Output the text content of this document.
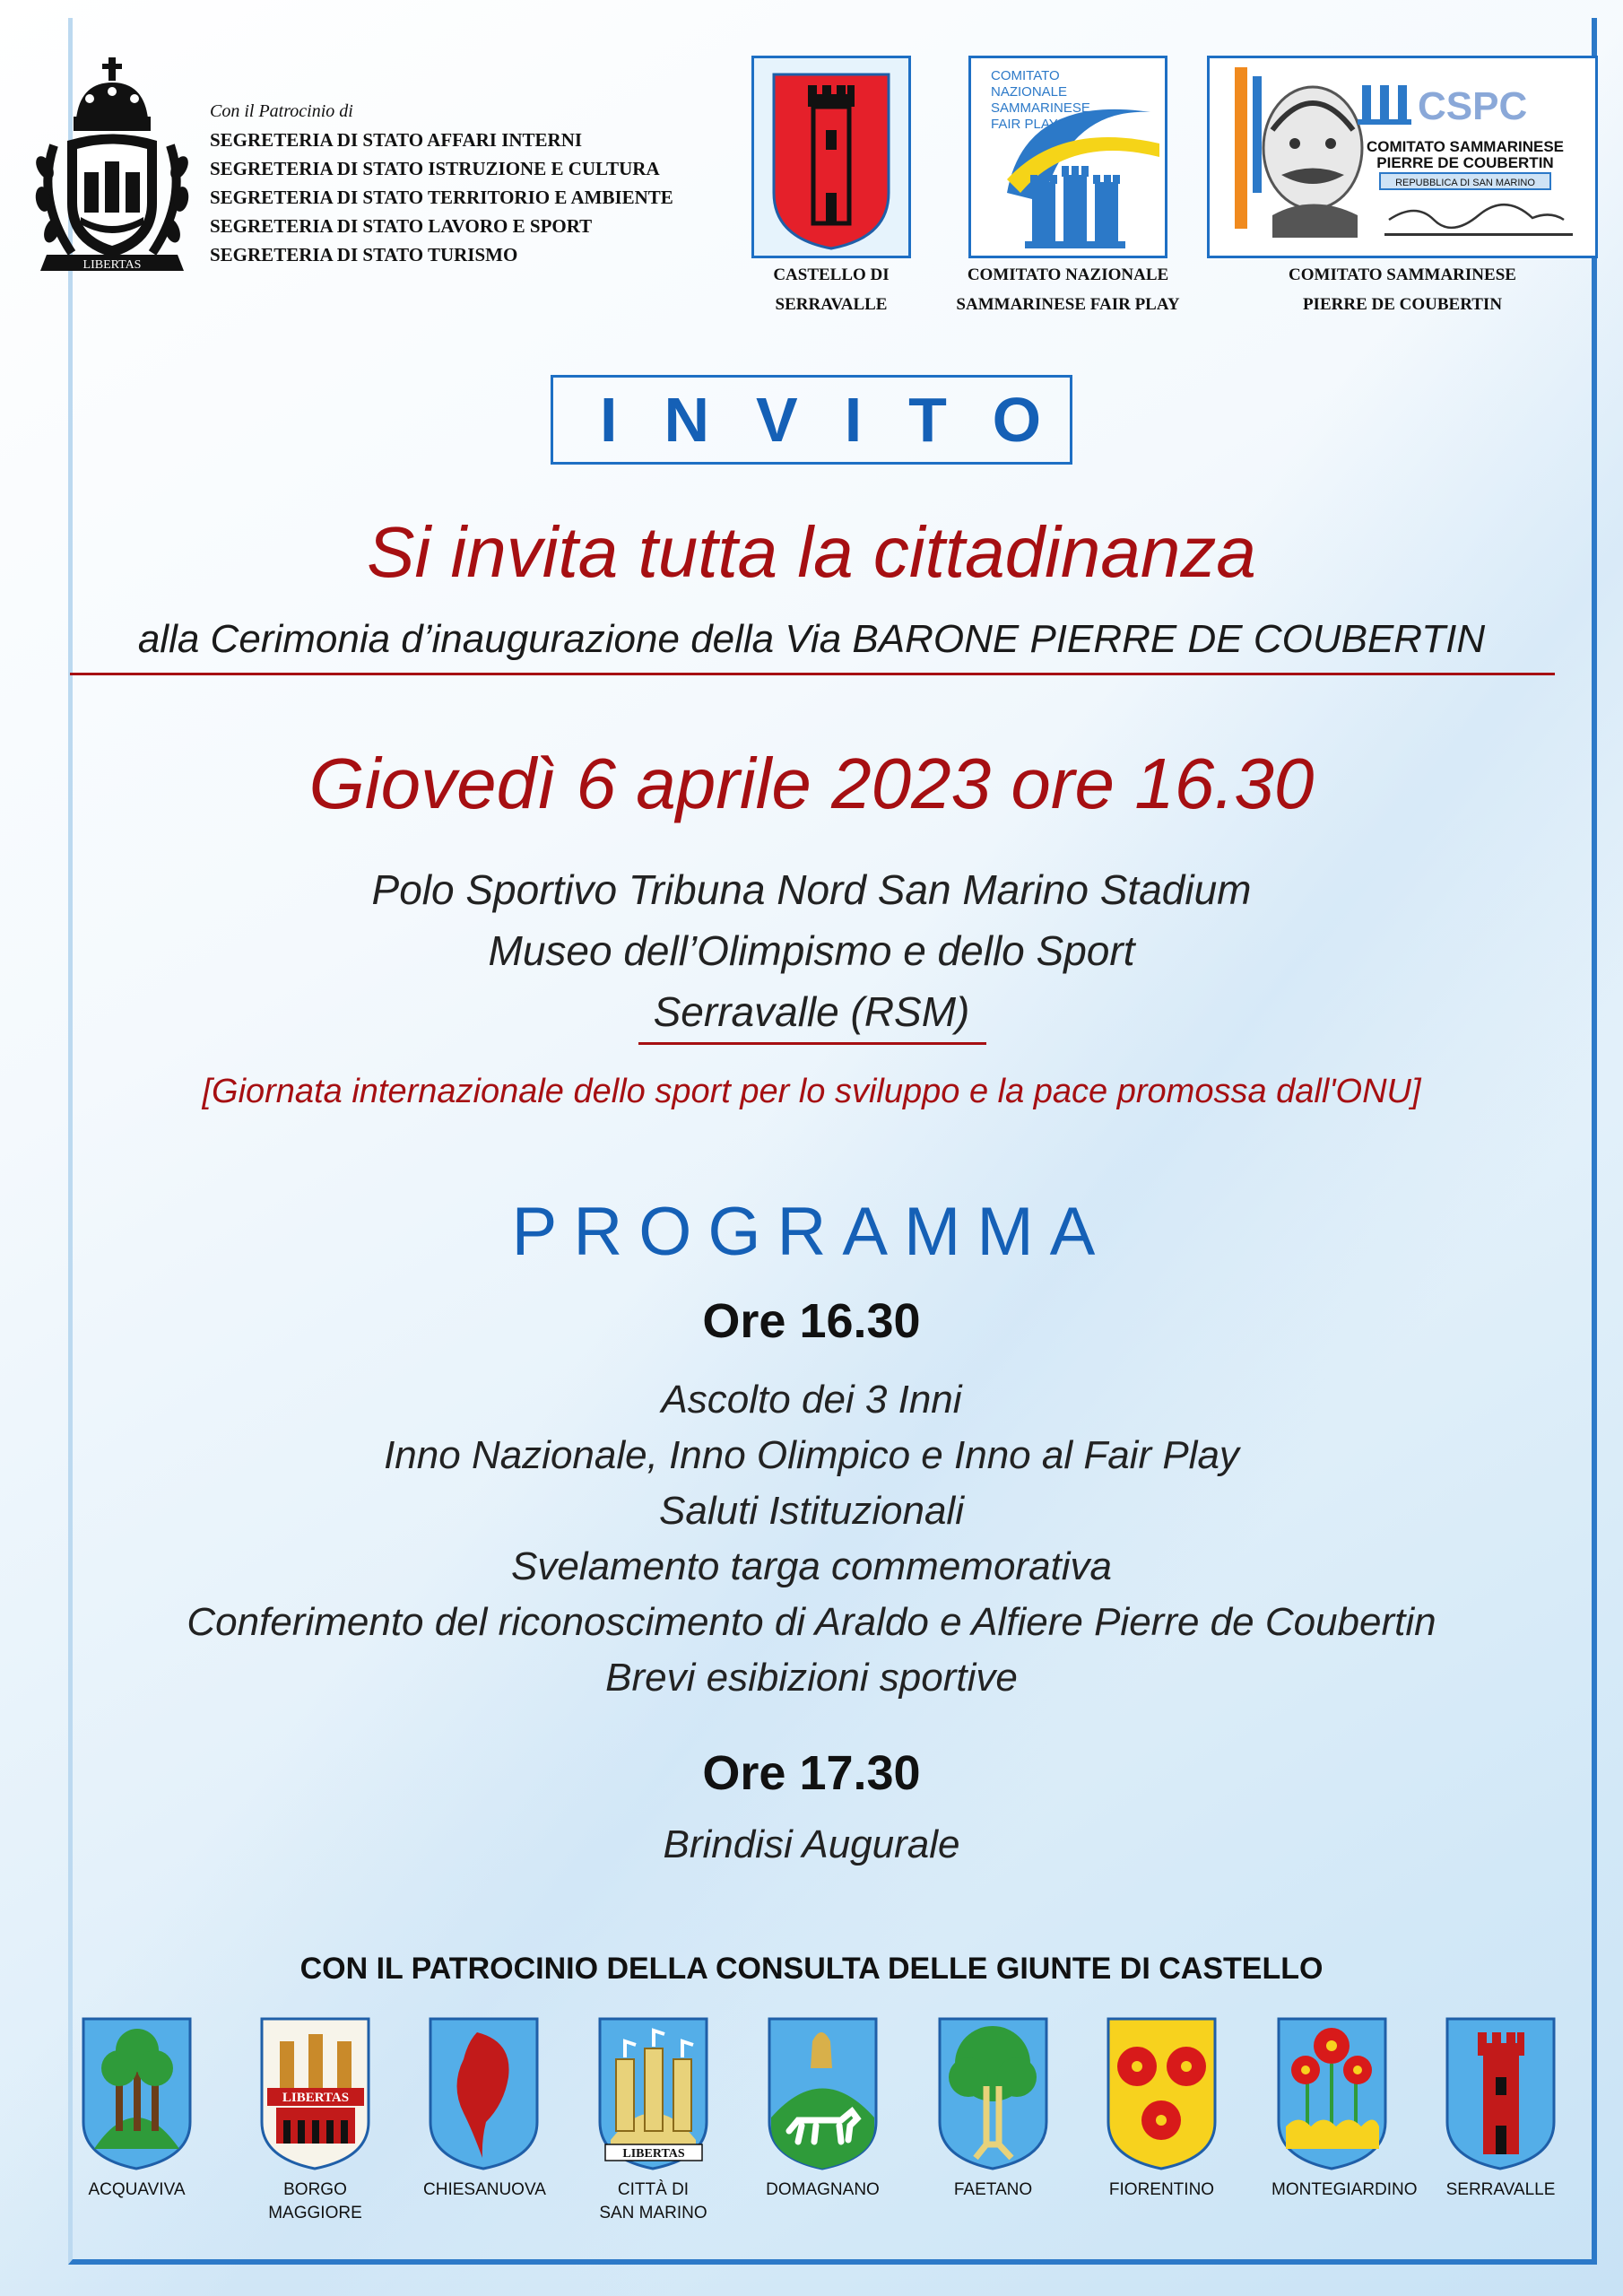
LIBERTAS
Con il Patrocinio di
SEGRETERIA DI STATO AFFARI INTERNI
SEGRETERIA DI STATO ISTRUZIONE E CULTURA
SEGRETERIA DI STATO TERRITORIO E AMBIENTE
SEGRETERIA DI STATO LAVORO E SPORT
SEGRETERIA DI STATO TURISMO
CASTELLO DI
SERRAVALLE
COMITATO
NAZIONALE
SAMMARINESE
FAIR PLAY
COMITATO NAZIONALE
SAMMARINESE FAIR PLAY
CSPC
COMITATO SAMMARINESE
PIERRE DE COUBERTIN
REPUBBLICA DI SAN MARINO
COMITATO SAMMARINESE
PIERRE DE COUBERTIN
INVITO
Si invita tutta la cittadinanza
alla Cerimonia d’inaugurazione della Via BARONE PIERRE DE COUBERTIN
Giovedì 6 aprile 2023 ore 16.30
Polo Sportivo Tribuna Nord San Marino Stadium
Museo dell’Olimpismo e dello Sport
Serravalle (RSM)
[Giornata internazionale dello sport per lo sviluppo e la pace promossa dall'ONU]
PROGRAMMA
Ore 16.30
Ascolto dei 3 Inni
Inno Nazionale, Inno Olimpico e Inno al Fair Play
Saluti Istituzionali
Svelamento targa commemorativa
Conferimento del riconoscimento di Araldo e Alfiere Pierre de Coubertin
Brevi esibizioni sportive
Ore 17.30
Brindisi Augurale
CON IL PATROCINIO DELLA CONSULTA DELLE GIUNTE DI CASTELLO
ACQUAVIVA
LIBERTAS
BORGO
MAGGIORE
CHIESANUOVA
LIBERTAS
CITTÀ DI
SAN MARINO
DOMAGNANO	FAETANO	FIORENTINO	MONTEGIARDINO	SERRAVALLE
